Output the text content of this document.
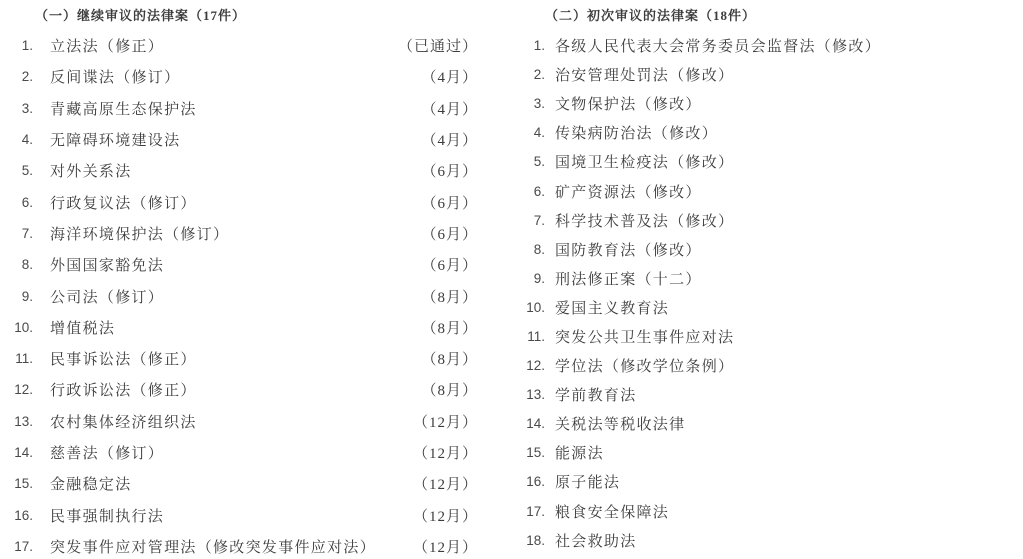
（一）继续审议的法律案（17件）
1. 立法法（修正）	（已通过）
2. 反间谍法（修订）	（4月）
3. 青藏高原生态保护法	（4月）
4. 无障碍环境建设法	（4月）
5. 对外关系法	（6月）
6. 行政复议法（修订）	（6月）
7. 海洋环境保护法（修订）	（6月）
8. 外国国家豁免法	（6月）
9. 公司法（修订）	（8月）
10. 增值税法	（8月）
11. 民事诉讼法（修正）	（8月）
12. 行政诉讼法（修正）	（8月）
13. 农村集体经济组织法	（12月）
14. 慈善法（修订）	（12月）
15. 金融稳定法	（12月）
16. 民事强制执行法	（12月）
17. 突发事件应对管理法（修改突发事件应对法） （12月）
（二）初次审议的法律案（18件）
1. 各级人民代表大会常务委员会监督法（修改）
2. 治安管理处罚法（修改）
3. 文物保护法（修改）
4. 传染病防治法（修改）
5. 国境卫生检疫法（修改）
6. 矿产资源法（修改）
7. 科学技术普及法（修改）
8. 国防教育法（修改）
9. 刑法修正案（十二）
10. 爱国主义教育法
11. 突发公共卫生事件应对法
12. 学位法（修改学位条例）
13. 学前教育法
14. 关税法等税收法律
15. 能源法
16. 原子能法
17. 粮食安全保障法
18. 社会救助法
